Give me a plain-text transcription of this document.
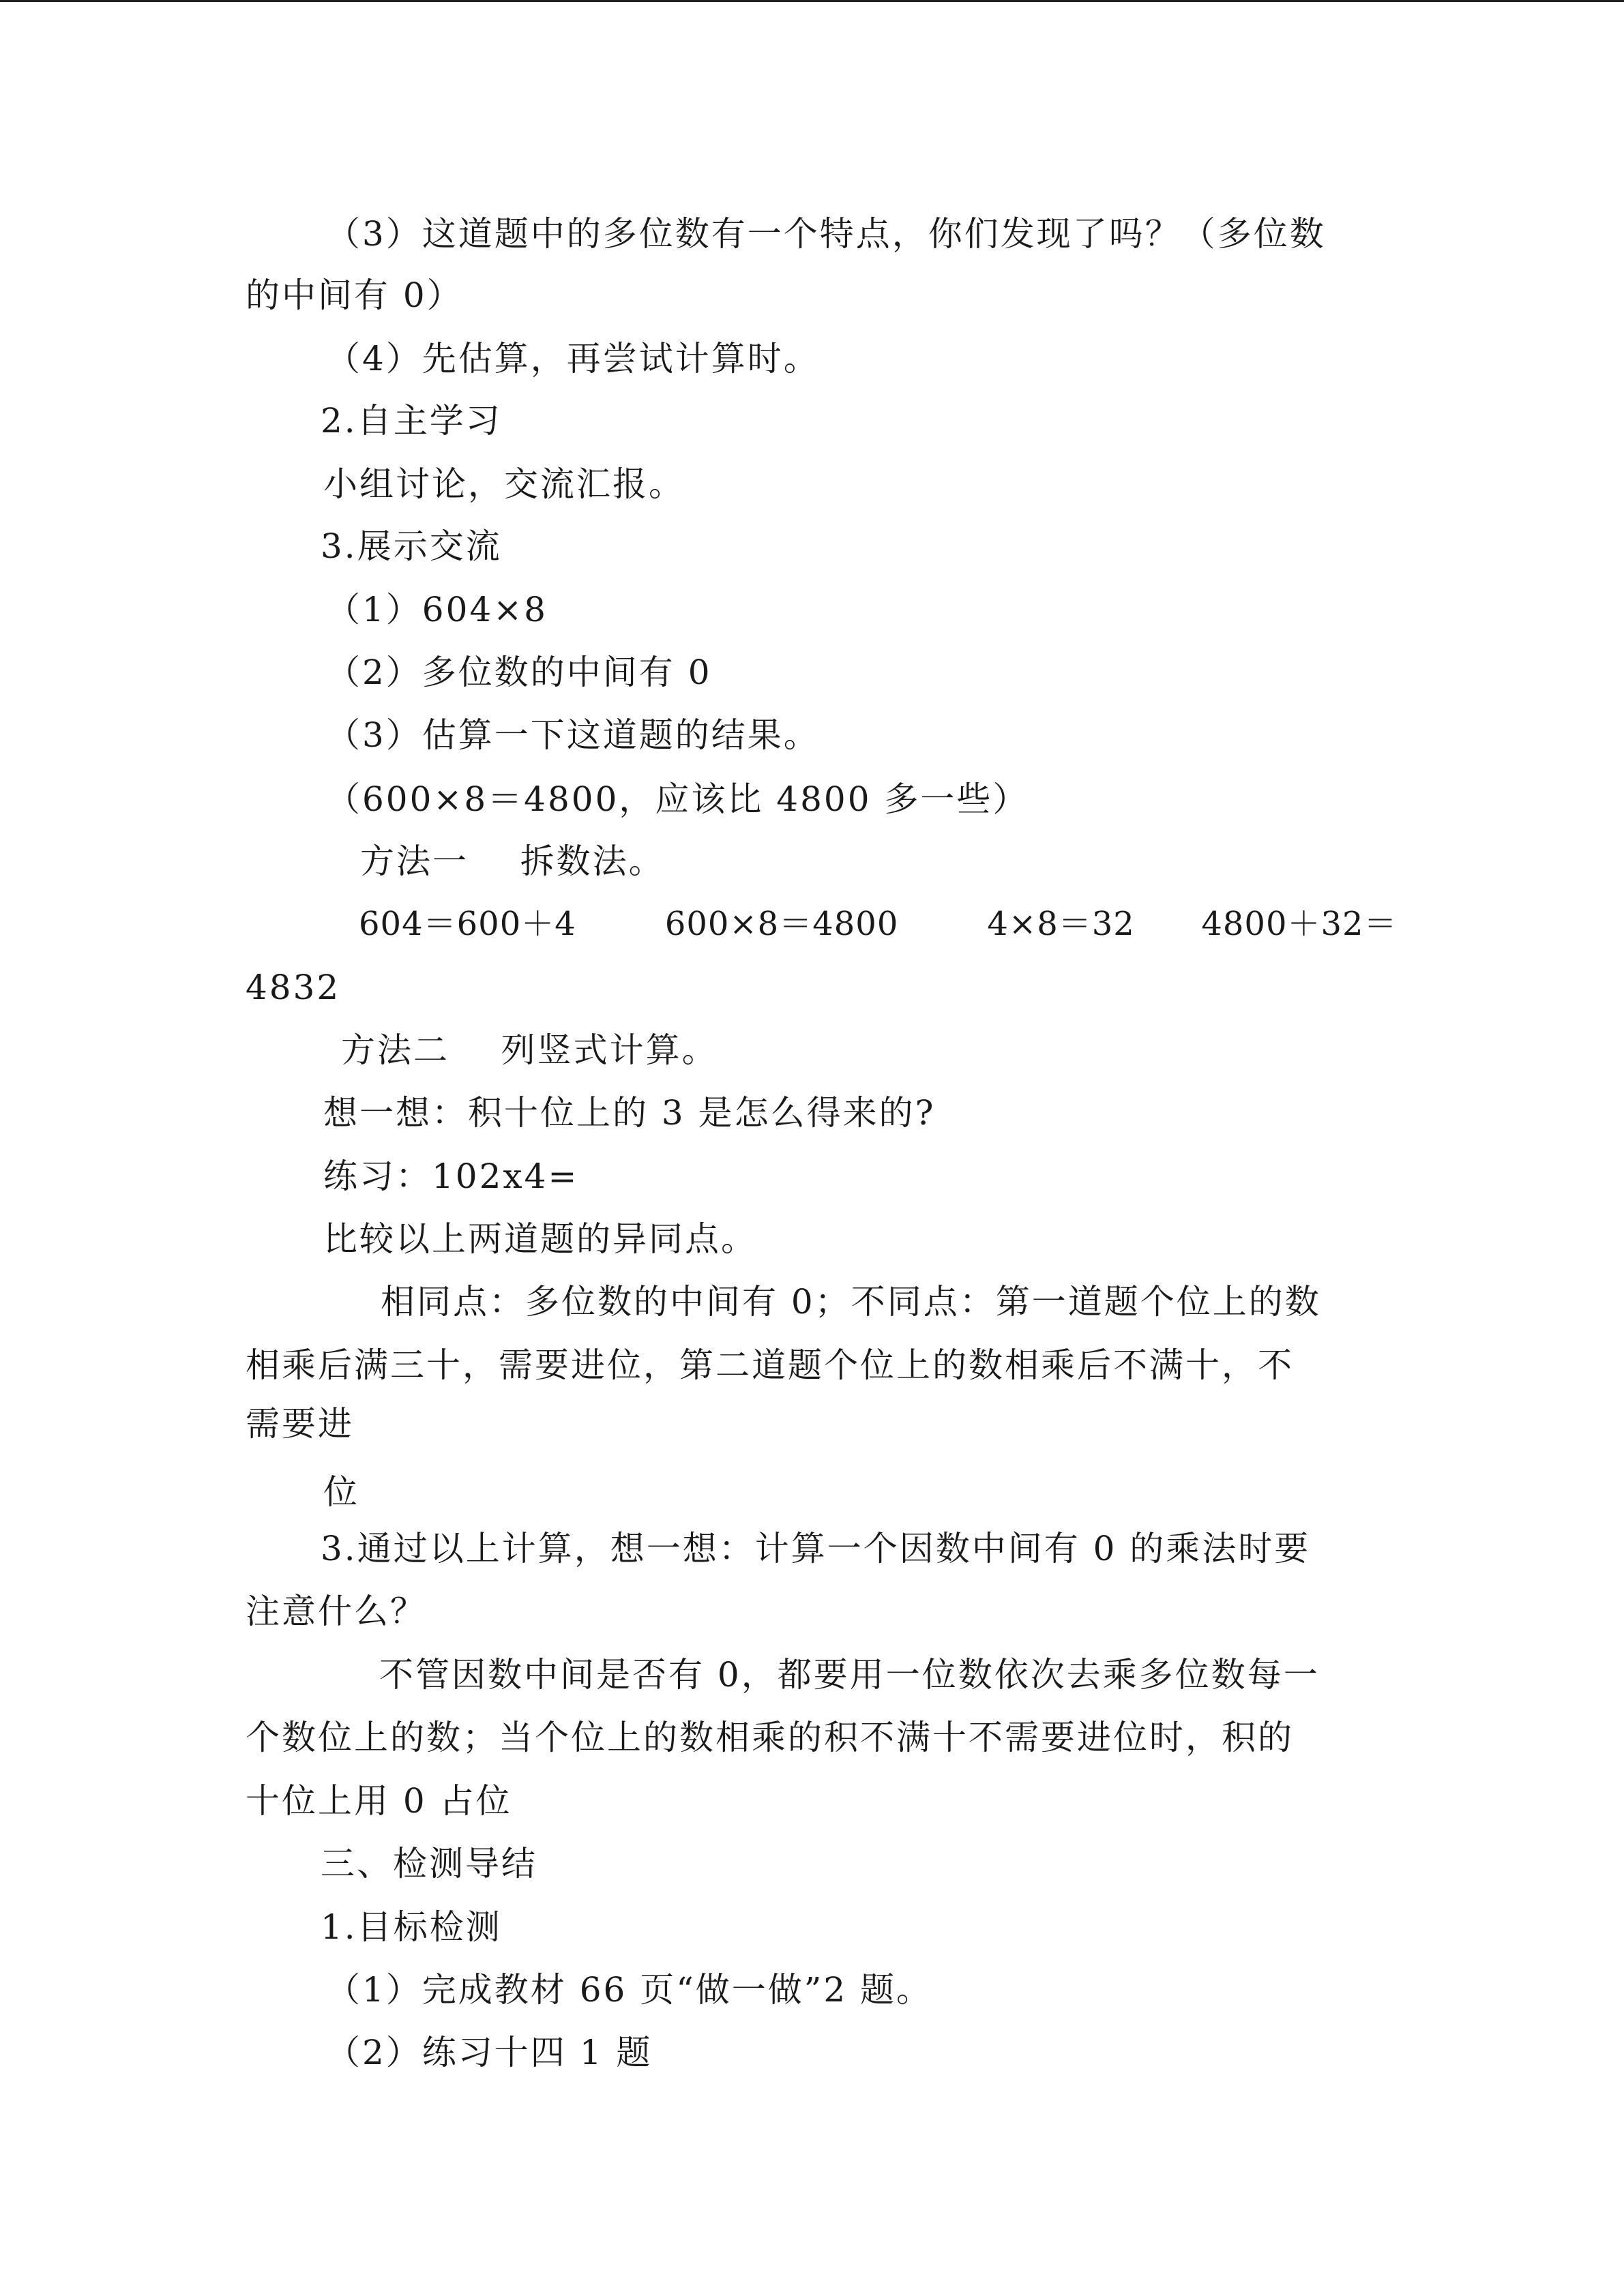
（3）这道题中的多位数有一个特点，你们发现了吗？（多位数
的中间有 0）
（4）先估算，再尝试计算时。
2.自主学习
小组讨论，交流汇报。
3.展示交流
（1）604×8
（2）多位数的中间有 0
（3）估算一下这道题的结果。
（600×8＝4800，应该比 4800 多一些）
方法一    拆数法。
604＝600＋4        600×8＝4800        4×8＝32      4800＋32＝
4832
方法二    列竖式计算。
想一想：积十位上的 3 是怎么得来的?
练习：102x4=
比较以上两道题的异同点。
相同点：多位数的中间有 0；不同点：第一道题个位上的数
相乘后满三十，需要进位，第二道题个位上的数相乘后不满十，不
需要进
位
3.通过以上计算，想一想：计算一个因数中间有 0 的乘法时要
注意什么？
不管因数中间是否有 0，都要用一位数依次去乘多位数每一
个数位上的数；当个位上的数相乘的积不满十不需要进位时，积的
十位上用 0 占位
三、检测导结
1.目标检测
（1）完成教材 66 页“做一做”2 题。
（2）练习十四 1 题
